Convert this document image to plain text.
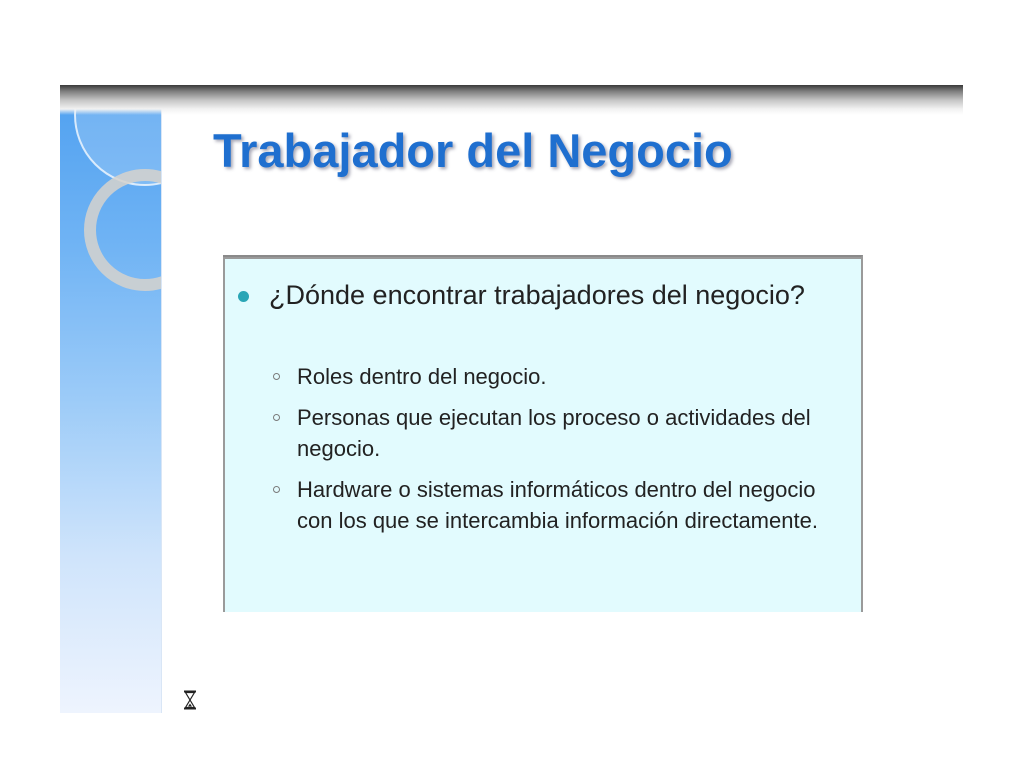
Trabajador del Negocio
¿Dónde encontrar trabajadores del negocio?
Roles dentro del negocio.
Personas que ejecutan los proceso o actividades del negocio.
Hardware o sistemas informáticos dentro del negocio con los que se intercambia información directamente.
